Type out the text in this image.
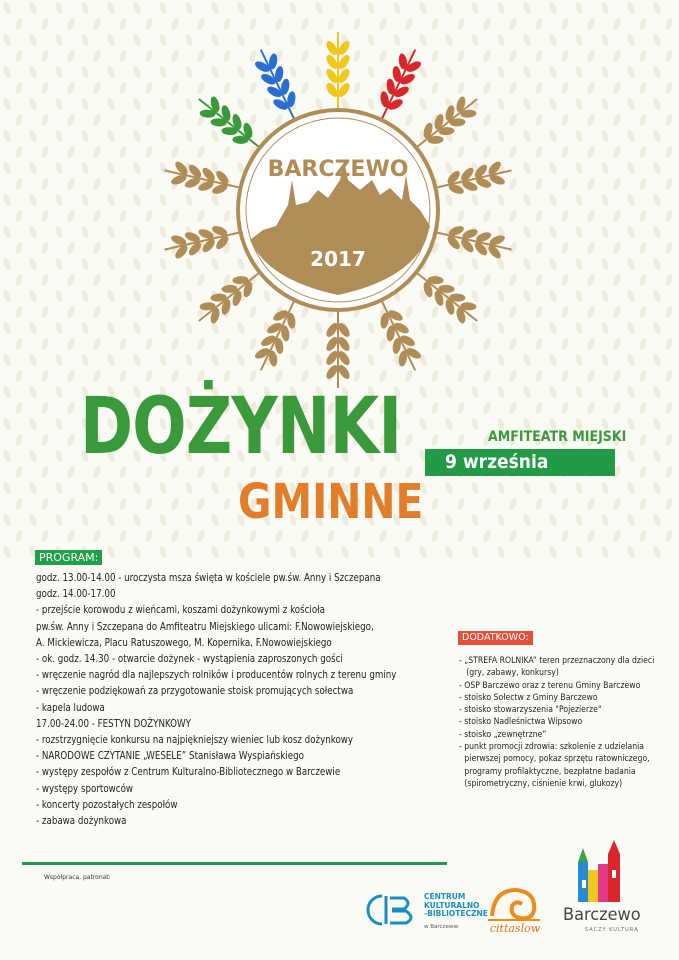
BARCZEWO
2017
DOŻYNKI
GMINNE
AMFITEATR MIEJSKI
9 września
PROGRAM:
godz. 13.00-14.00 - uroczysta msza święta w kościele pw.św. Anny i Szczepana
godz. 14.00-17.00
- przejście korowodu z wieńcami, koszami dożynkowymi z kościoła
pw.św. Anny i Szczepana do Amfiteatru Miejskiego ulicami: F.Nowowiejskiego,
A. Mickiewicza, Placu Ratuszowego, M. Kopernika, F.Nowowiejskiego
- ok. godz. 14.30 - otwarcie dożynek - wystąpienia zaproszonych gości
- wręczenie nagród dla najlepszych rolników i producentów rolnych z terenu gminy
- wręczenie podziękowań za przygotowanie stoisk promujących sołectwa
- kapela ludowa
17.00-24.00 - FESTYN DOŻYNKOWY
- rozstrzygnięcie konkursu na najpiękniejszy wieniec lub kosz dożynkowy
- NARODOWE CZYTANIE „WESELE” Stanisława Wyspiańskiego
- występy zespołów z Centrum Kulturalno-Bibliotecznego w Barczewie
- występy sportowców
- koncerty pozostałych zespołów
- zabawa dożynkowa
DODATKOWO:
- „STREFA ROLNIKA” teren przeznaczony dla dzieci
(gry, zabawy, konkursy)
- OSP Barczewo oraz z terenu Gminy Barczewo
- stoisko Sołectw z Gminy Barczewo
- stoisko stowarzyszenia "Pojezierze"
- stoisko Nadleśnictwa Wipsowo
- stoisko „zewnętrzne”
- punkt promocji zdrowia: szkolenie z udzielania
pierwszej pomocy, pokaz sprzętu ratowniczego,
programy profilaktyczne, bezpłatne badania
(spirometryczny, ciśnienie krwi, glukozy)
Współpraca, patronat:
CENTRUM
KULTURALNO
-BIBLIOTECZNE
w Barczewie	cittaslow
Barczewo
SACZY KULTURĄ
